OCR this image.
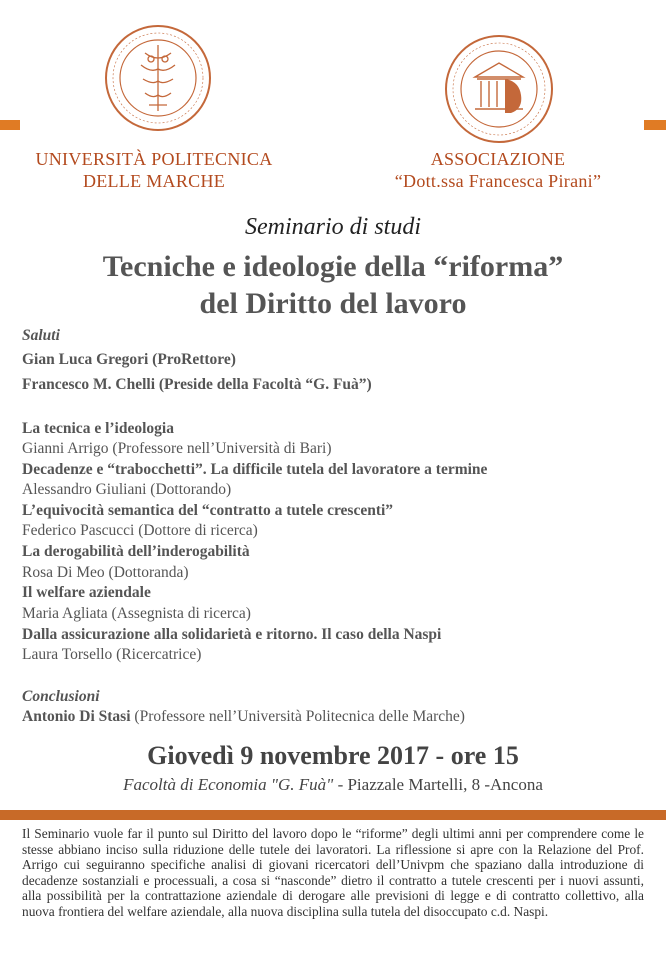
UNIVERSITÀ POLITECNICA
DELLE MARCHE
ASSOCIAZIONE
“Dott.ssa Francesca Pirani”
Seminario di studi
Tecniche e ideologie della “riforma”
del Diritto del lavoro
Saluti
Gian Luca Gregori (ProRettore)
Francesco M. Chelli (Preside della Facoltà “G. Fuà”)
La tecnica e l’ideologia
Gianni Arrigo (Professore nell’Università di Bari)
Decadenze e “trabocchetti”. La difficile tutela del lavoratore a termine
Alessandro Giuliani (Dottorando)
L’equivocità semantica del “contratto a tutele crescenti”
Federico Pascucci (Dottore di ricerca)
La derogabilità dell’inderogabilità
Rosa Di Meo (Dottoranda)
Il welfare aziendale
Maria Agliata (Assegnista di ricerca)
Dalla assicurazione alla solidarietà e ritorno. Il caso della Naspi
Laura Torsello (Ricercatrice)
Conclusioni
Antonio Di Stasi (Professore nell’Università Politecnica delle Marche)
Giovedì 9 novembre 2017 - ore 15
Facoltà di Economia "G. Fuà" - Piazzale Martelli, 8 -Ancona
Il Seminario vuole far il punto sul Diritto del lavoro dopo le “riforme” degli ultimi anni per comprendere come le stesse abbiano inciso sulla riduzione delle tutele dei lavoratori. La riflessione si apre con la Relazione del Prof. Arrigo cui seguiranno specifiche analisi di giovani ricercatori dell’Univpm che spaziano dalla introduzione di decadenze sostanziali e processuali, a cosa si “nasconde” dietro il contratto a tutele crescenti per i nuovi assunti, alla possibilità per la contrattazione aziendale di derogare alle previsioni di legge e di contratto collettivo, alla nuova frontiera del welfare aziendale, alla nuova disciplina sulla tutela del disoccupato c.d. Naspi.
